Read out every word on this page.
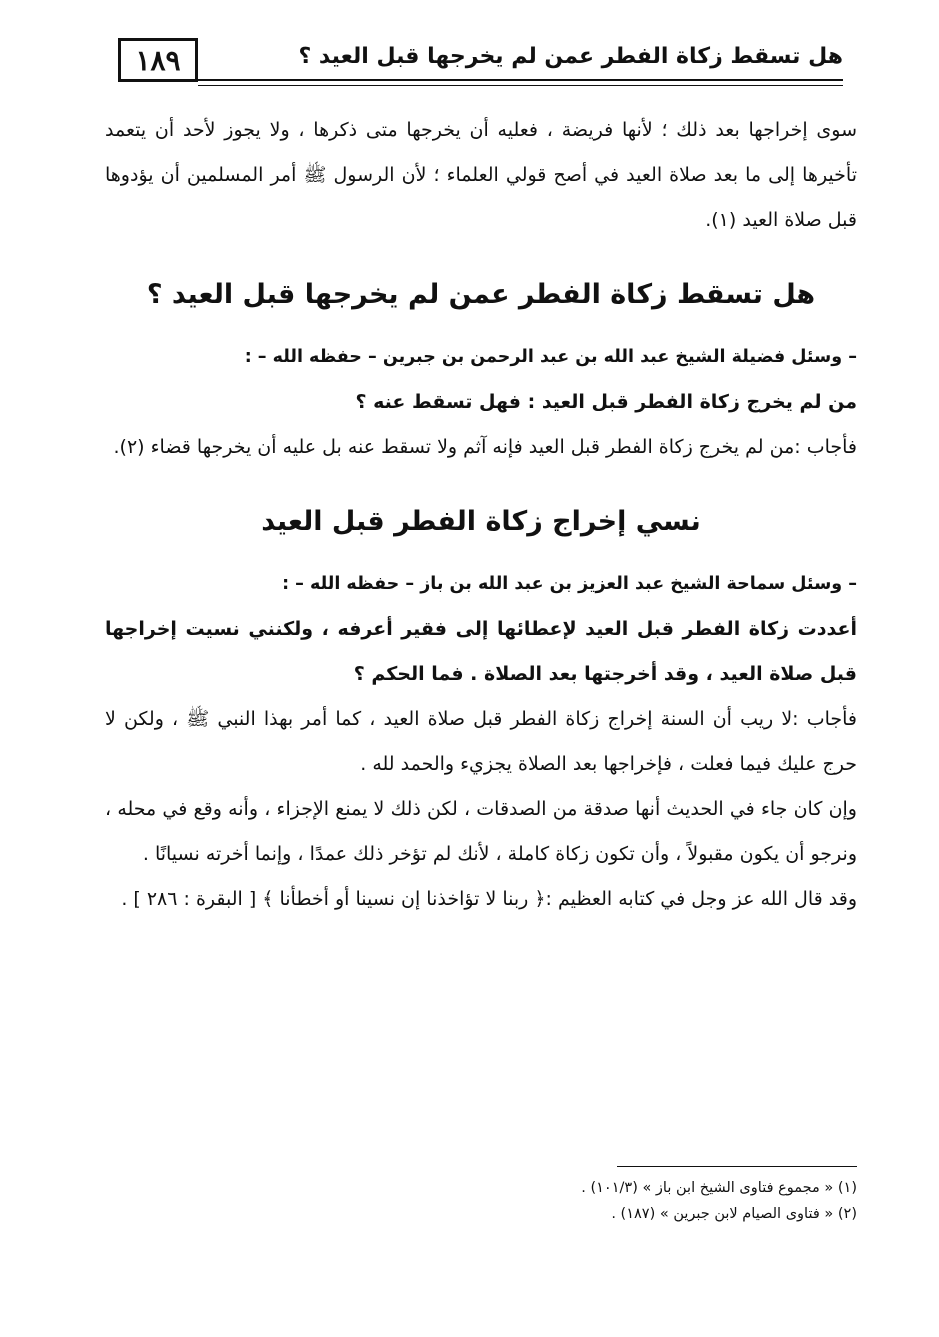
١٨٩	هل تسقط زكاة الفطر عمن لم يخرجها قبل العيد ؟

سوى إخراجها بعد ذلك ؛ لأنها فريضة ، فعليه أن يخرجها متى ذكرها ، ولا يجوز لأحد أن يتعمد تأخيرها إلى ما بعد صلاة العيد في أصح قولي العلماء ؛ لأن الرسول ﷺ أمر المسلمين أن يؤدوها قبل صلاة العيد (١).

هل تسقط زكاة الفطر عمن لم يخرجها قبل العيد ؟

– وسئل فضيلة الشيخ عبد الله بن عبد الرحمن بن جبرين – حفظه الله – :

من لم يخرج زكاة الفطر قبل العيد : فهل تسقط عنه ؟

فأجاب :من لم يخرج زكاة الفطر قبل العيد فإنه آثم ولا تسقط عنه بل عليه أن يخرجها قضاء (٢).

نسي إخراج زكاة الفطر قبل العيد

– وسئل سماحة الشيخ عبد العزيز بن عبد الله بن باز – حفظه الله – :

أعددت زكاة الفطر قبل العيد لإعطائها إلى فقير أعرفه ، ولكنني نسيت إخراجها قبل صلاة العيد ، وقد أخرجتها بعد الصلاة . فما الحكم ؟

فأجاب :لا ريب أن السنة إخراج زكاة الفطر قبل صلاة العيد ، كما أمر بهذا النبي ﷺ ، ولكن لا حرج عليك فيما فعلت ، فإخراجها بعد الصلاة يجزيء والحمد لله .

وإن كان جاء في الحديث أنها صدقة من الصدقات ، لكن ذلك لا يمنع الإجزاء ، وأنه وقع في محله ، ونرجو أن يكون مقبولاً ، وأن تكون زكاة كاملة ، لأنك لم تؤخر ذلك عمدًا ، وإنما أخرته نسيانًا .

وقد قال الله عز وجل في كتابه العظيم :﴿ ربنا لا تؤاخذنا إن نسينا أو أخطأنا ﴾ [ البقرة : ٢٨٦ ] .

(١) « مجموع فتاوى الشيخ ابن باز » (١٠١/٣) .
(٢) « فتاوى الصيام لابن جبرين » (١٨٧) .
